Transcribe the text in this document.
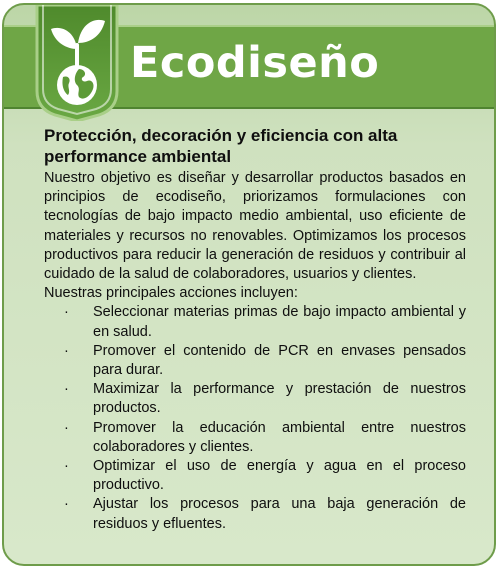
Ecodiseño
Protección, decoración y eficiencia con alta performance ambiental

Nuestro objetivo es diseñar y desarrollar productos basados en principios de ecodiseño, priorizamos formulaciones con tecnologías de bajo impacto medio ambiental, uso eficiente de materiales y recursos no renovables. Optimizamos los procesos productivos para reducir la generación de residuos y contribuir al cuidado de la salud de colaboradores, usuarios y clientes.

Nuestras principales acciones incluyen:

· Seleccionar materias primas de bajo impacto ambiental y en salud.
· Promover el contenido de PCR en envases pensados para durar.
· Maximizar la performance y prestación de nuestros productos.
· Promover la educación ambiental entre nuestros colaboradores y clientes.
· Optimizar el uso de energía y agua en el proceso productivo.
· Ajustar los procesos para una baja generación de residuos y efluentes.
